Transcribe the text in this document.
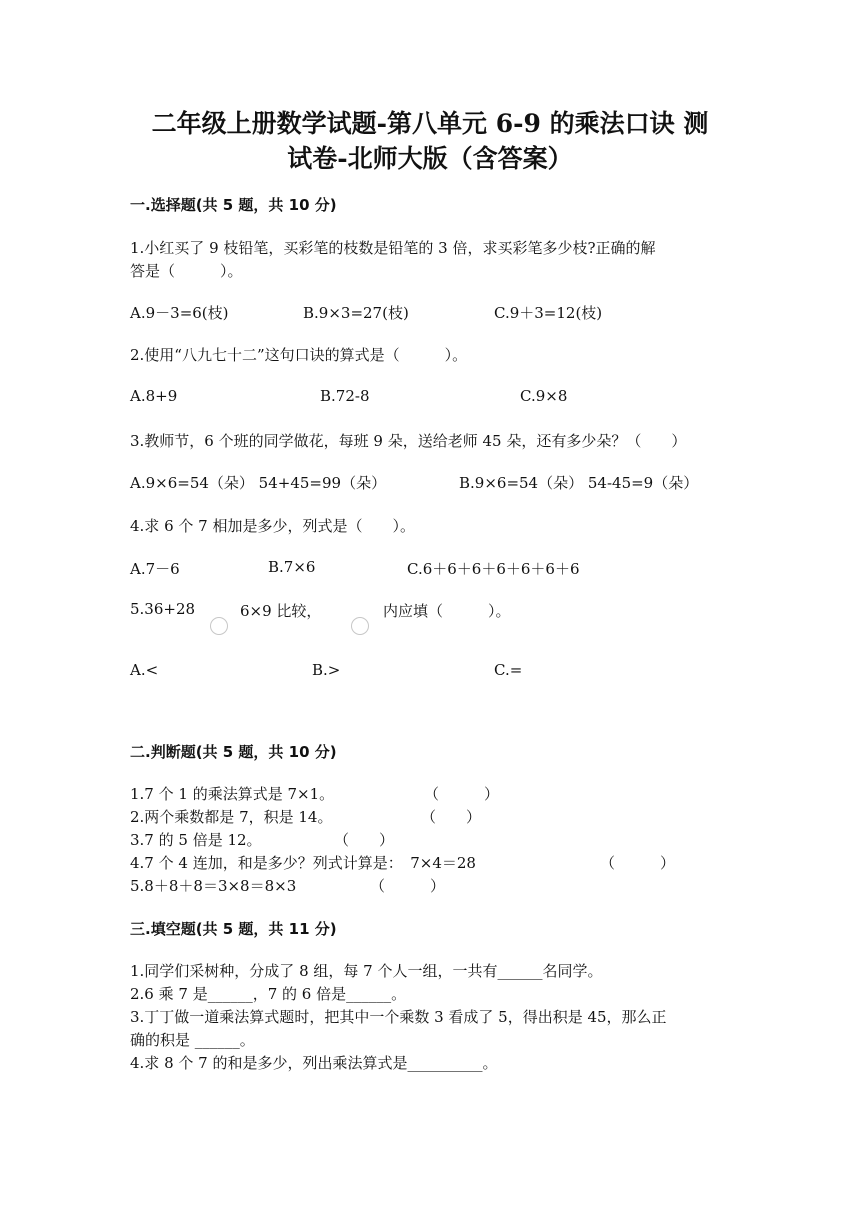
二年级上册数学试题-第八单元 6-9 的乘法口诀 测
试卷-北师大版（含答案）
一.选择题(共 5 题，共 10 分)
1.小红买了 9 枝铅笔，买彩笔的枝数是铅笔的 3 倍，求买彩笔多少枝?正确的解
答是（　　　）。
A.9－3=6(枝)	B.9×3=27(枝)	C.9＋3=12(枝)
2.使用“八九七十二”这句口诀的算式是（　　　）。
A.8+9	B.72-8	C.9×8
3.教师节，6 个班的同学做花，每班 9 朵，送给老师 45 朵，还有多少朵？（　　）
A.9×6=54（朵） 54+45=99（朵）	B.9×6=54（朵） 54-45=9（朵）
4.求 6 个 7 相加是多少，列式是（　　）。
A.7－6	B.7×6	C.6＋6＋6＋6＋6＋6＋6
5.36+28	6×9 比较，	内应填（　　　）。
A.<	B.>	C.=
二.判断题(共 5 题，共 10 分)
1.7 个 1 的乘法算式是 7×1。	（　　　）
2.两个乘数都是 7，积是 14。	（　　）
3.7 的 5 倍是 12。	（　　）
4.7 个 4 连加，和是多少？列式计算是：　7×4＝28	（　　　）
5.8＋8＋8＝3×8＝8×3	（　　　）
三.填空题(共 5 题，共 11 分)
1.同学们采树种，分成了 8 组，每 7 个人一组，一共有______名同学。
2.6 乘 7 是______，7 的 6 倍是______。
3.丁丁做一道乘法算式题时，把其中一个乘数 3 看成了 5，得出积是 45，那么正
确的积是 ______。
4.求 8 个 7 的和是多少，列出乘法算式是__________。
